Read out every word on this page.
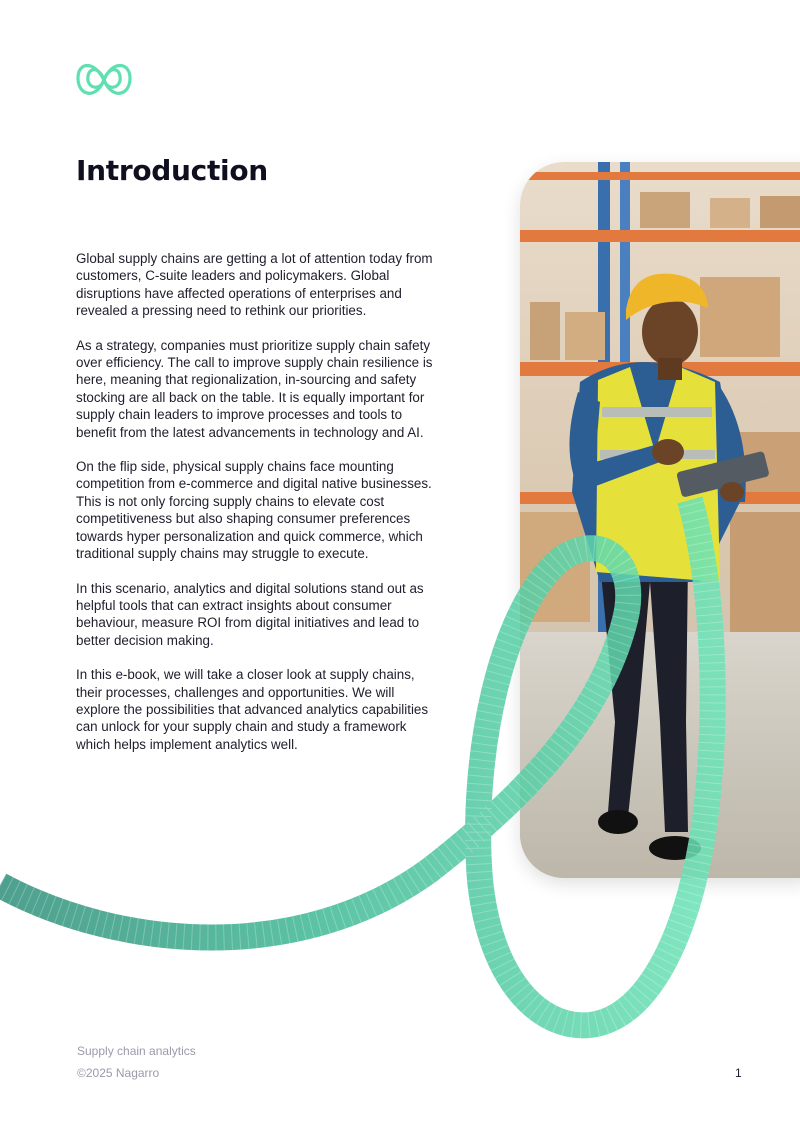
Introduction

Global supply chains are getting a lot of attention today from customers, C-suite leaders and policymakers. Global disruptions have affected operations of enterprises and revealed a pressing need to rethink our priorities.

As a strategy, companies must prioritize supply chain safety over efficiency. The call to improve supply chain resilience is here, meaning that regionalization, in-sourcing and safety stocking are all back on the table. It is equally important for supply chain leaders to improve processes and tools to benefit from the latest advancements in technology and AI.

On the flip side, physical supply chains face mounting competition from e-commerce and digital native businesses. This is not only forcing supply chains to elevate cost competitiveness but also shaping consumer preferences towards hyper personalization and quick commerce, which traditional supply chains may struggle to execute.

In this scenario, analytics and digital solutions stand out as helpful tools that can extract insights about consumer behaviour, measure ROI from digital initiatives and lead to better decision making.

In this e-book, we will take a closer look at supply chains, their processes, challenges and opportunities. We will explore the possibilities that advanced analytics capabilities can unlock for your supply chain and study a framework which helps implement analytics well.

Supply chain analytics
©2025 Nagarro	1
